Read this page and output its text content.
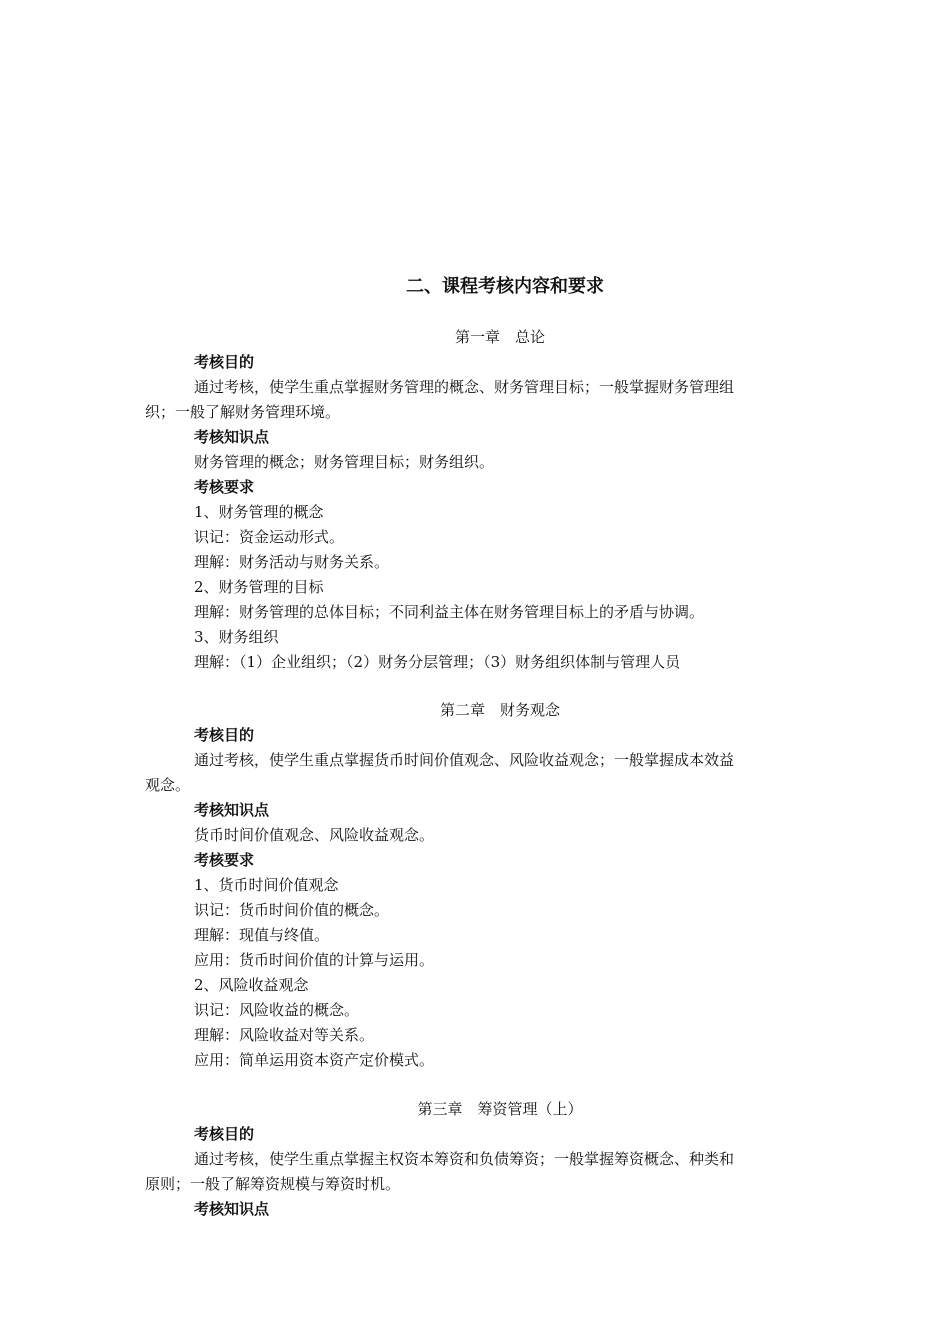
二、课程考核内容和要求
第一章　总论
考核目的
通过考核，使学生重点掌握财务管理的概念、财务管理目标；一般掌握财务管理组
织；一般了解财务管理环境。
考核知识点
财务管理的概念；财务管理目标；财务组织。
考核要求
1、财务管理的概念
识记：资金运动形式。
理解：财务活动与财务关系。
2、财务管理的目标
理解：财务管理的总体目标；不同利益主体在财务管理目标上的矛盾与协调。
3、财务组织
理解：（1）企业组织；（2）财务分层管理；（3）财务组织体制与管理人员
第二章　财务观念
考核目的
通过考核，使学生重点掌握货币时间价值观念、风险收益观念；一般掌握成本效益
观念。
考核知识点
货币时间价值观念、风险收益观念。
考核要求
1、货币时间价值观念
识记：货币时间价值的概念。
理解：现值与终值。
应用：货币时间价值的计算与运用。
2、风险收益观念
识记：风险收益的概念。
理解：风险收益对等关系。
应用：简单运用资本资产定价模式。
第三章　筹资管理（上）
考核目的
通过考核，使学生重点掌握主权资本筹资和负债筹资；一般掌握筹资概念、种类和
原则；一般了解筹资规模与筹资时机。
考核知识点
